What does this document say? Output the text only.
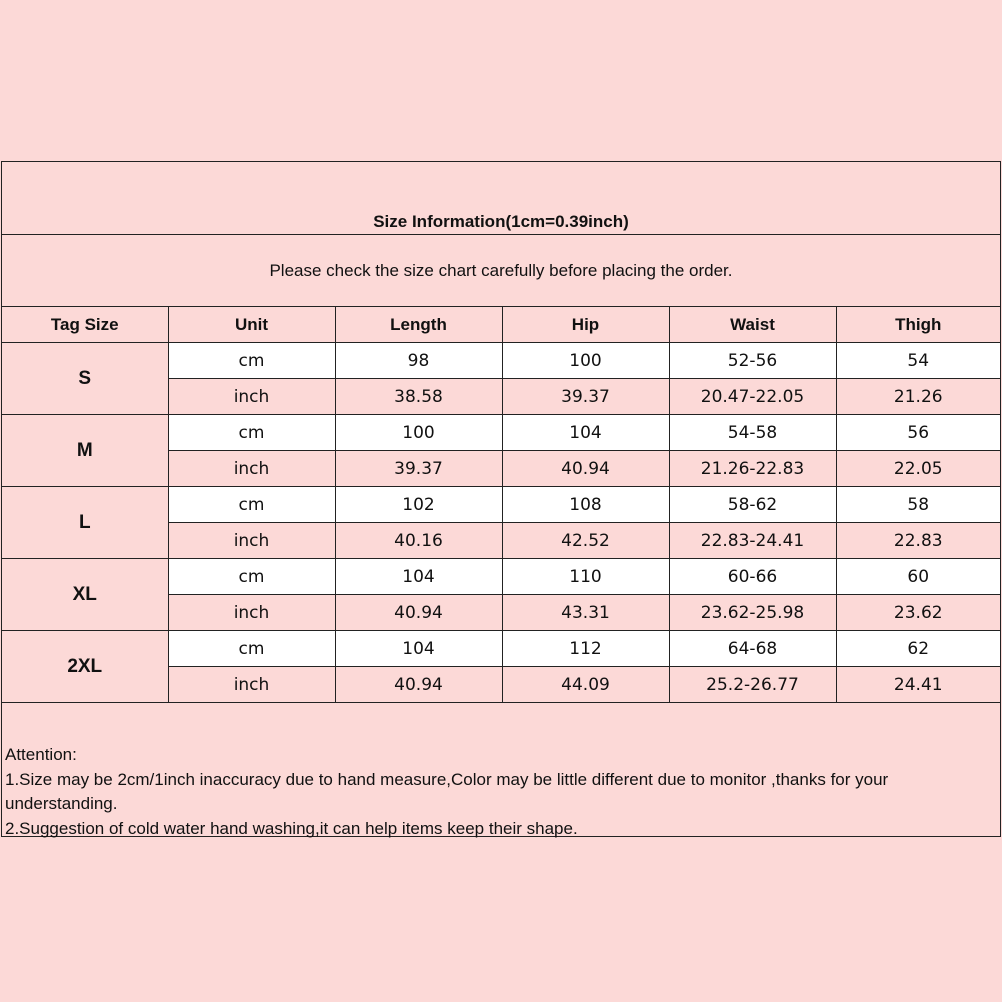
Size Information(1cm=0.39inch)
Please check the size chart carefully before placing the order.
Tag Size	Unit	Length	Hip	Waist	Thigh
S	cm	98	100	52-56	54
	inch	38.58	39.37	20.47-22.05	21.26
M	cm	100	104	54-58	56
	inch	39.37	40.94	21.26-22.83	22.05
L	cm	102	108	58-62	58
	inch	40.16	42.52	22.83-24.41	22.83
XL	cm	104	110	60-66	60
	inch	40.94	43.31	23.62-25.98	23.62
2XL	cm	104	112	64-68	62
	inch	40.94	44.09	25.2-26.77	24.41
Attention:
1.Size may be 2cm/1inch inaccuracy due to hand measure,Color may be little different due to monitor ,thanks for your understanding.
2.Suggestion of cold water hand washing,it can help items keep their shape.
